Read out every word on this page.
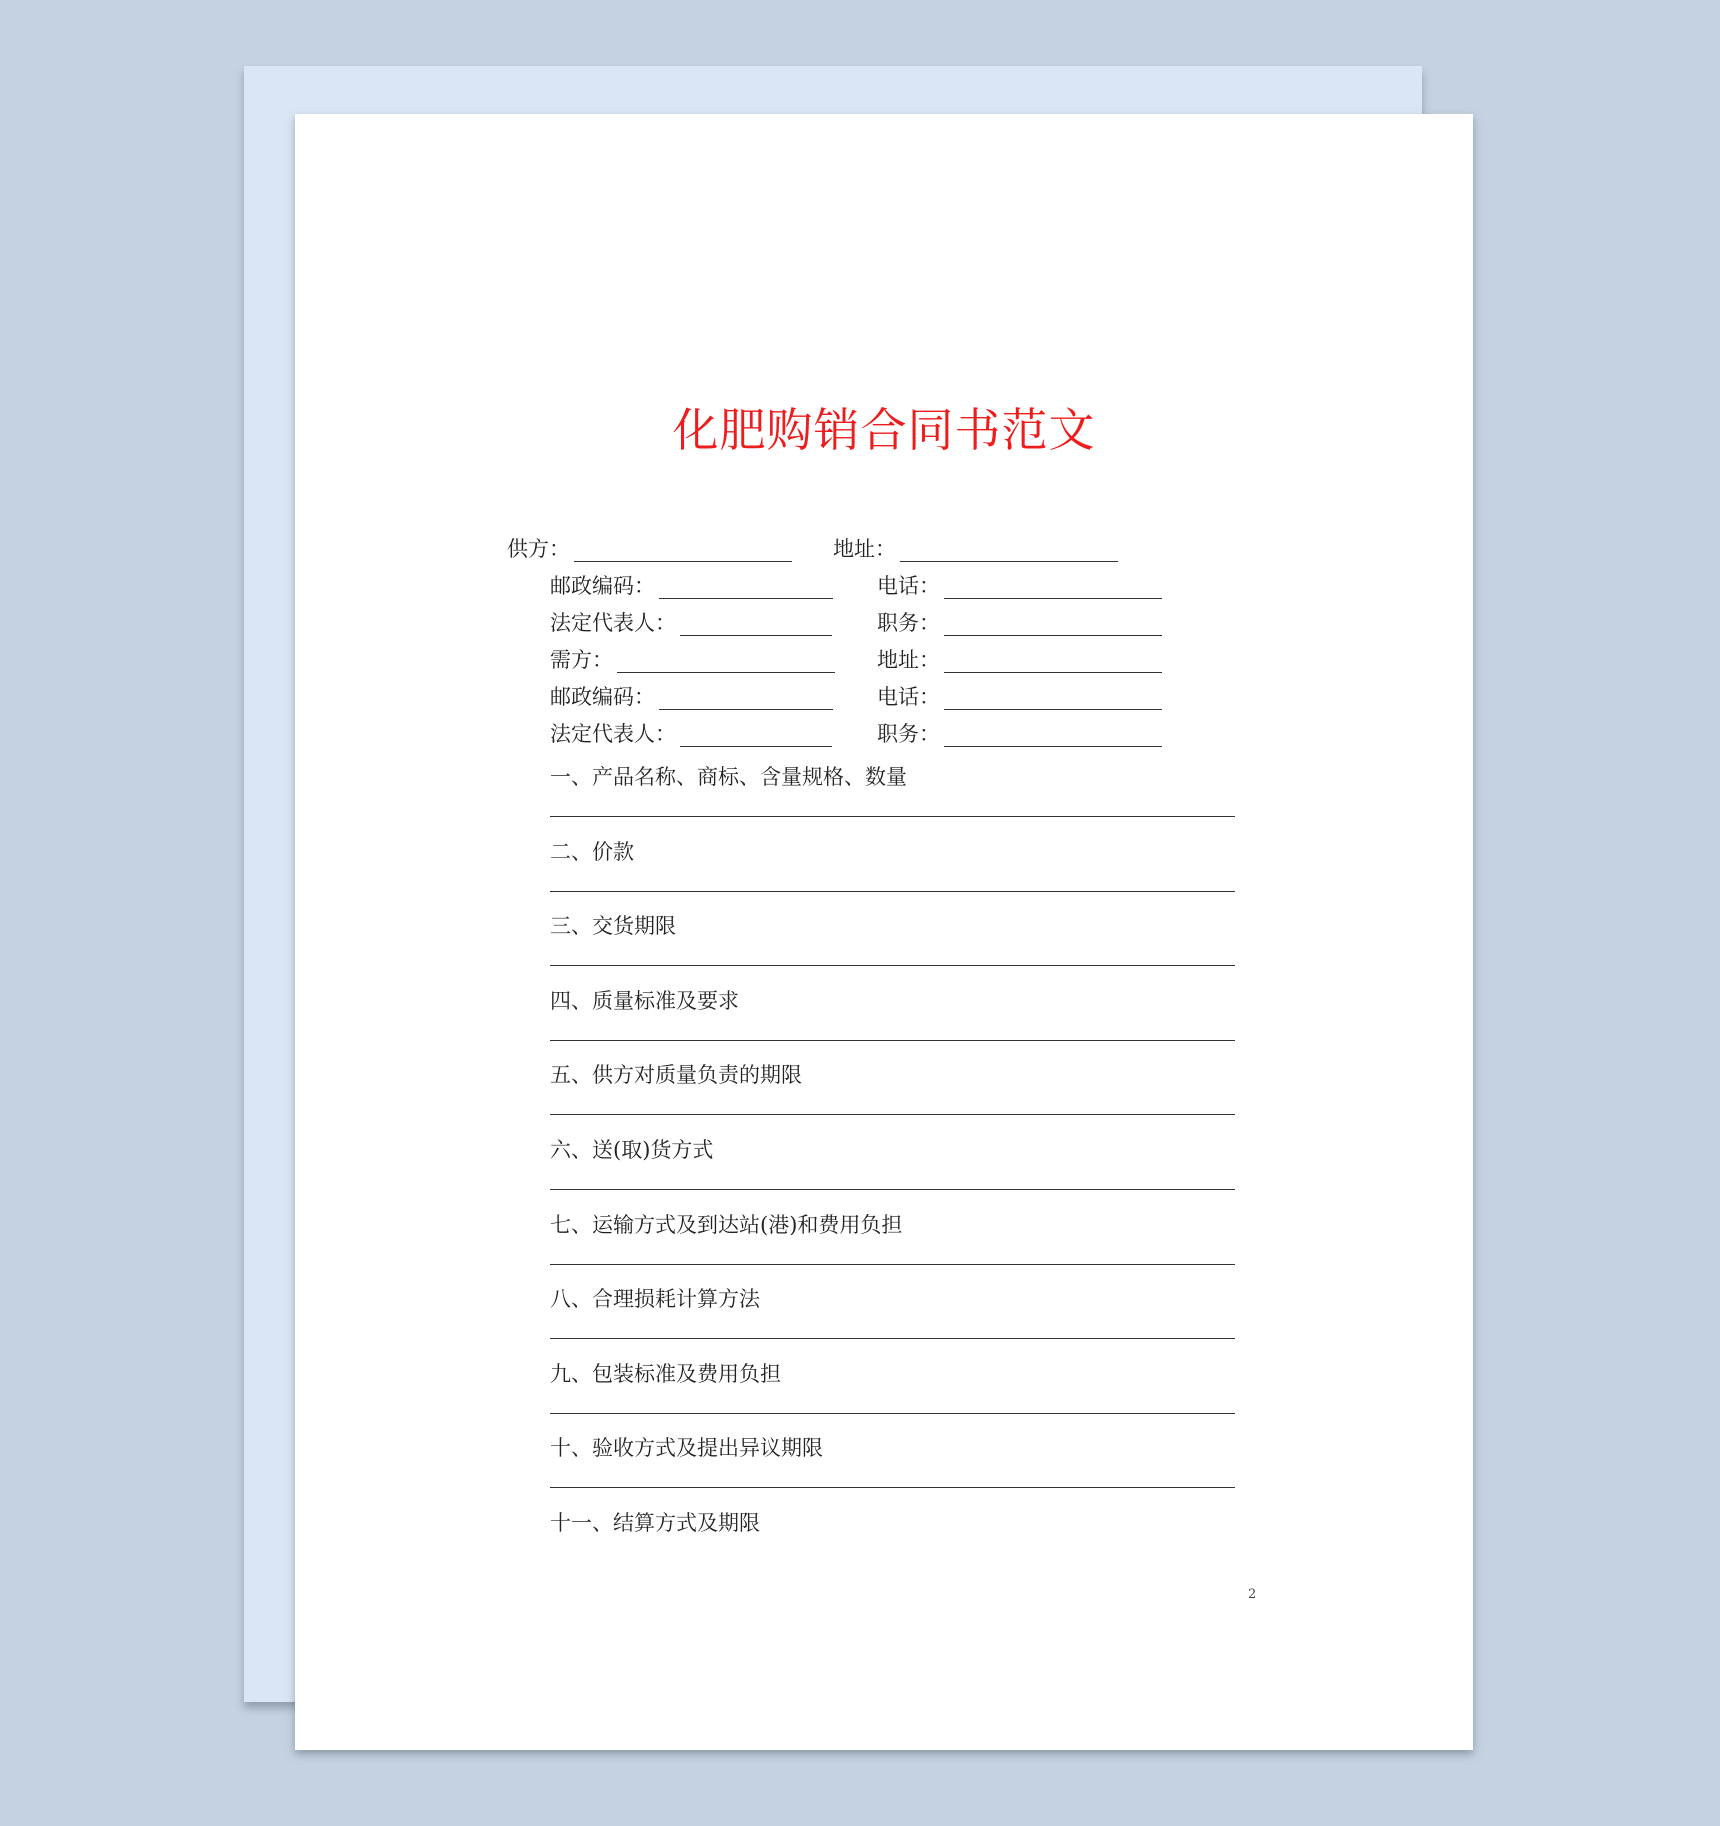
化肥购销合同书范文
供方：	地址：
邮政编码：	电话：
法定代表人：	职务：
需方：	地址：
邮政编码：	电话：
法定代表人：	职务：
一、产品名称、商标、含量规格、数量
二、价款
三、交货期限
四、质量标准及要求
五、供方对质量负责的期限
六、送(取)货方式
七、运输方式及到达站(港)和费用负担
八、合理损耗计算方法
九、包装标准及费用负担
十、验收方式及提出异议期限
十一、结算方式及期限
2
